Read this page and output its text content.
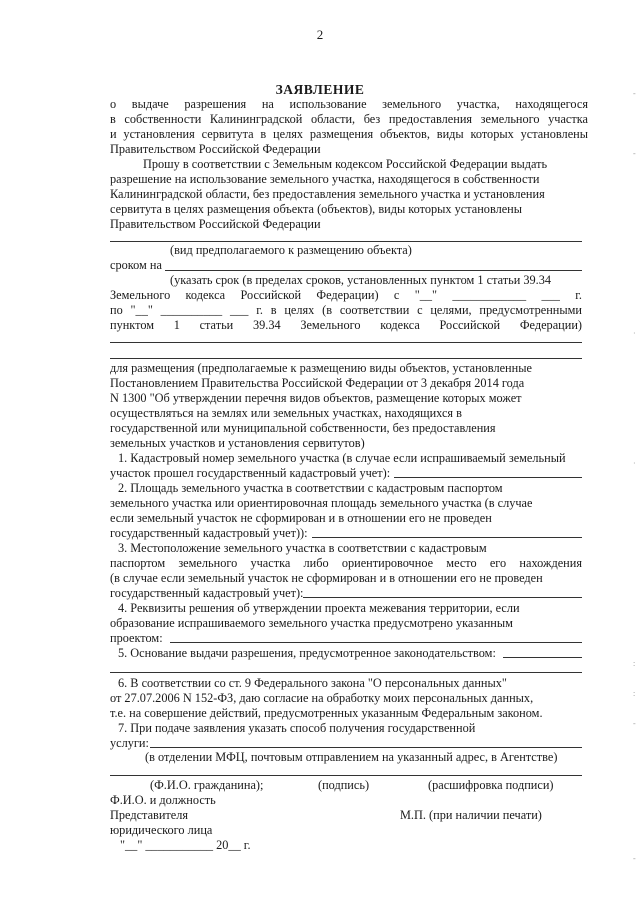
2
ЗАЯВЛЕНИЕ
о выдаче разрешения на использование земельного участка, находящегося
в собственности Калининградской области, без предоставления земельного участка
и установления сервитута в целях размещения объектов, виды которых установлены
Правительством Российской Федерации
Прошу в соответствии с Земельным кодексом Российской Федерации выдать
разрешение на использование земельного участка, находящегося в собственности
Калининградской области, без предоставления земельного участка и установления
сервитута в целях размещения объекта (объектов), виды которых установлены
Правительством Российской Федерации
(вид предполагаемого к размещению объекта)
сроком на
(указать срок (в пределах сроков, установленных пунктом 1 статьи 39.34
Земельного кодекса Российской Федерации) с "__" ____________ ___ г.
по "__" __________ ___ г. в целях (в соответствии с целями, предусмотренными
пунктом 1 статьи 39.34 Земельного кодекса Российской Федерации)
для размещения (предполагаемые к размещению виды объектов, установленные
Постановлением Правительства Российской Федерации от 3 декабря 2014 года
N 1300 "Об утверждении перечня видов объектов, размещение которых может
осуществляться на землях или земельных участках, находящихся в
государственной или муниципальной собственности, без предоставления
земельных участков и установления сервитутов)
1. Кадастровый номер земельного участка (в случае если испрашиваемый земельный
участок прошел государственный кадастровый учет):
2. Площадь земельного участка в соответствии с кадастровым паспортом
земельного участка или ориентировочная площадь земельного участка (в случае
если земельный участок не сформирован и в отношении его не проведен
государственный кадастровый учет)):
3. Местоположение земельного участка в соответствии с кадастровым
паспортом земельного участка либо ориентировочное место его нахождения
(в случае если земельный участок не сформирован и в отношении его не проведен
государственный кадастровый учет):
4. Реквизиты решения об утверждении проекта межевания территории, если
образование испрашиваемого земельного участка предусмотрено указанным
проектом:
5. Основание выдачи разрешения, предусмотренное законодательством:
6. В соответствии со ст. 9 Федерального закона "О персональных данных"
от 27.07.2006 N 152-ФЗ, даю согласие на обработку моих персональных данных,
т.е. на совершение действий, предусмотренных указанным Федеральным законом.
7. При подаче заявления указать способ получения государственной
услуги:
(в отделении МФЦ, почтовым отправлением на указанный адрес, в Агентстве)
(Ф.И.О. гражданина);	(подпись)	(расшифровка подписи)
Ф.И.О. и должность
Представителя	М.П. (при наличии печати)
юридического лица
"__" ___________ 20__ г.
-
-
·
·
:
:
-
-
